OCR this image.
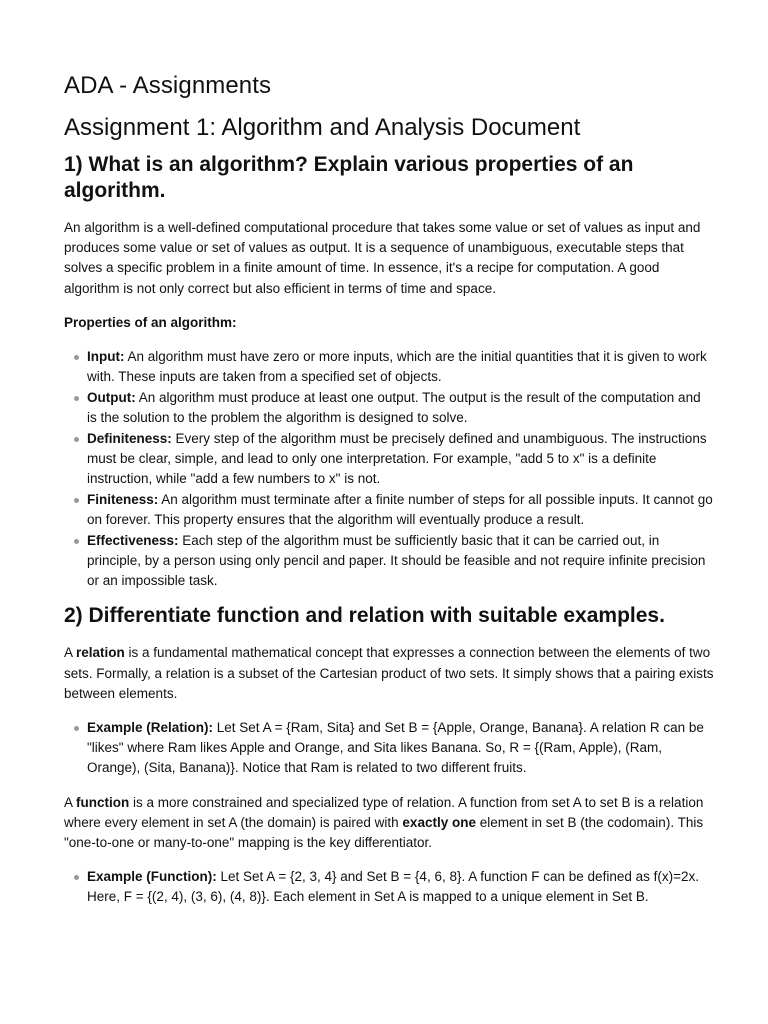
ADA - Assignments
Assignment 1: Algorithm and Analysis Document
1) What is an algorithm? Explain various properties of an algorithm.

An algorithm is a well-defined computational procedure that takes some value or set of values as input and produces some value or set of values as output. It is a sequence of unambiguous, executable steps that solves a specific problem in a finite amount of time. In essence, it's a recipe for computation. A good algorithm is not only correct but also efficient in terms of time and space.

Properties of an algorithm:

Input: An algorithm must have zero or more inputs, which are the initial quantities that it is given to work with. These inputs are taken from a specified set of objects.
Output: An algorithm must produce at least one output. The output is the result of the computation and is the solution to the problem the algorithm is designed to solve.
Definiteness: Every step of the algorithm must be precisely defined and unambiguous. The instructions must be clear, simple, and lead to only one interpretation. For example, "add 5 to x" is a definite instruction, while "add a few numbers to x" is not.
Finiteness: An algorithm must terminate after a finite number of steps for all possible inputs. It cannot go on forever. This property ensures that the algorithm will eventually produce a result.
Effectiveness: Each step of the algorithm must be sufficiently basic that it can be carried out, in principle, by a person using only pencil and paper. It should be feasible and not require infinite precision or an impossible task.
2) Differentiate function and relation with suitable examples.

A relation is a fundamental mathematical concept that expresses a connection between the elements of two sets. Formally, a relation is a subset of the Cartesian product of two sets. It simply shows that a pairing exists between elements.

Example (Relation): Let Set A = {Ram, Sita} and Set B = {Apple, Orange, Banana}. A relation R can be "likes" where Ram likes Apple and Orange, and Sita likes Banana. So, R = {(Ram, Apple), (Ram, Orange), (Sita, Banana)}. Notice that Ram is related to two different fruits.

A function is a more constrained and specialized type of relation. A function from set A to set B is a relation where every element in set A (the domain) is paired with exactly one element in set B (the codomain). This "one-to-one or many-to-one" mapping is the key differentiator.

Example (Function): Let Set A = {2, 3, 4} and Set B = {4, 6, 8}. A function F can be defined as f(x)=2x. Here, F = {(2, 4), (3, 6), (4, 8)}. Each element in Set A is mapped to a unique element in Set B.
